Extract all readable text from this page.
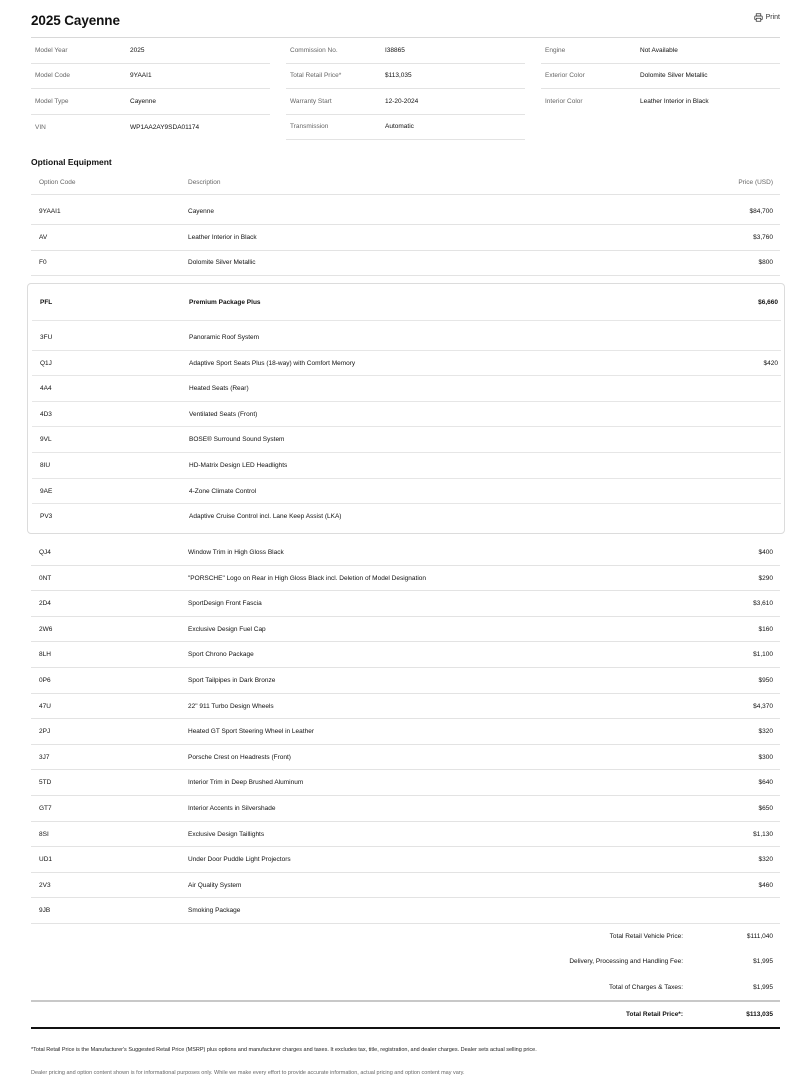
2025 Cayenne	Print
Model Year	2025
Model Code	9YAAI1
Model Type	Cayenne
VIN	WP1AA2AY9SDA01174
Commission No.	I38865
Total Retail Price*	$113,035
Warranty Start	12-20-2024
Transmission	Automatic
Engine	Not Available
Exterior Color	Dolomite Silver Metallic
Interior Color	Leather Interior in Black
Optional Equipment
Option Code	Description	Price (USD)
9YAAI1	Cayenne	$84,700
AV	Leather Interior in Black	$3,760
F0	Dolomite Silver Metallic	$800
PFL	Premium Package Plus	$6,660
3FU	Panoramic Roof System
Q1J	Adaptive Sport Seats Plus (18-way) with Comfort Memory	$420
4A4	Heated Seats (Rear)
4D3	Ventilated Seats (Front)
9VL	BOSE® Surround Sound System
8IU	HD-Matrix Design LED Headlights
9AE	4-Zone Climate Control
PV3	Adaptive Cruise Control incl. Lane Keep Assist (LKA)
QJ4	Window Trim in High Gloss Black	$400
0NT	"PORSCHE" Logo on Rear in High Gloss Black incl. Deletion of Model Designation	$290
2D4	SportDesign Front Fascia	$3,610
2W6	Exclusive Design Fuel Cap	$160
8LH	Sport Chrono Package	$1,100
0P6	Sport Tailpipes in Dark Bronze	$950
47U	22" 911 Turbo Design Wheels	$4,370
2PJ	Heated GT Sport Steering Wheel in Leather	$320
3J7	Porsche Crest on Headrests (Front)	$300
5TD	Interior Trim in Deep Brushed Aluminum	$640
GT7	Interior Accents in Silvershade	$650
8SI	Exclusive Design Taillights	$1,130
UD1	Under Door Puddle Light Projectors	$320
2V3	Air Quality System	$460
9JB	Smoking Package
Total Retail Vehicle Price:	$111,040
Delivery, Processing and Handling Fee:	$1,995
Total of Charges & Taxes:	$1,995
Total Retail Price*:	$113,035
*Total Retail Price is the Manufacturer's Suggested Retail Price (MSRP) plus options and manufacturer charges and taxes. It excludes tax, title, registration, and dealer charges. Dealer sets actual selling price.
Dealer pricing and option content shown is for informational purposes only. While we make every effort to provide accurate information, actual pricing and option content may vary.
